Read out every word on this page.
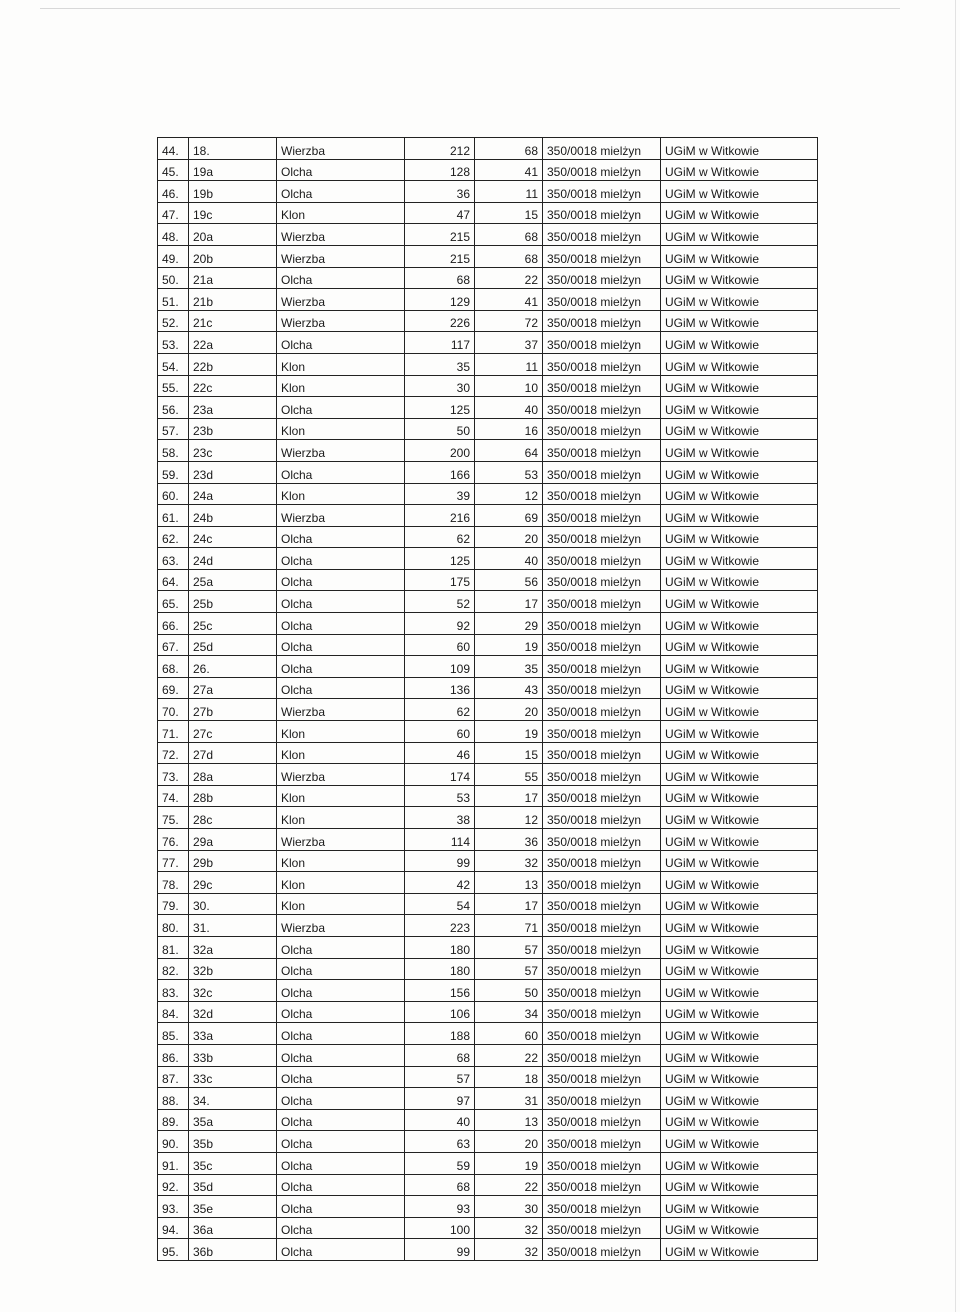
44.	18.	Wierzba	212	68	350/0018 mielżyn	UGiM w Witkowie
45.	19a	Olcha	128	41	350/0018 mielżyn	UGiM w Witkowie
46.	19b	Olcha	36	11	350/0018 mielżyn	UGiM w Witkowie
47.	19c	Klon	47	15	350/0018 mielżyn	UGiM w Witkowie
48.	20a	Wierzba	215	68	350/0018 mielżyn	UGiM w Witkowie
49.	20b	Wierzba	215	68	350/0018 mielżyn	UGiM w Witkowie
50.	21a	Olcha	68	22	350/0018 mielżyn	UGiM w Witkowie
51.	21b	Wierzba	129	41	350/0018 mielżyn	UGiM w Witkowie
52.	21c	Wierzba	226	72	350/0018 mielżyn	UGiM w Witkowie
53.	22a	Olcha	117	37	350/0018 mielżyn	UGiM w Witkowie
54.	22b	Klon	35	11	350/0018 mielżyn	UGiM w Witkowie
55.	22c	Klon	30	10	350/0018 mielżyn	UGiM w Witkowie
56.	23a	Olcha	125	40	350/0018 mielżyn	UGiM w Witkowie
57.	23b	Klon	50	16	350/0018 mielżyn	UGiM w Witkowie
58.	23c	Wierzba	200	64	350/0018 mielżyn	UGiM w Witkowie
59.	23d	Olcha	166	53	350/0018 mielżyn	UGiM w Witkowie
60.	24a	Klon	39	12	350/0018 mielżyn	UGiM w Witkowie
61.	24b	Wierzba	216	69	350/0018 mielżyn	UGiM w Witkowie
62.	24c	Olcha	62	20	350/0018 mielżyn	UGiM w Witkowie
63.	24d	Olcha	125	40	350/0018 mielżyn	UGiM w Witkowie
64.	25a	Olcha	175	56	350/0018 mielżyn	UGiM w Witkowie
65.	25b	Olcha	52	17	350/0018 mielżyn	UGiM w Witkowie
66.	25c	Olcha	92	29	350/0018 mielżyn	UGiM w Witkowie
67.	25d	Olcha	60	19	350/0018 mielżyn	UGiM w Witkowie
68.	26.	Olcha	109	35	350/0018 mielżyn	UGiM w Witkowie
69.	27a	Olcha	136	43	350/0018 mielżyn	UGiM w Witkowie
70.	27b	Wierzba	62	20	350/0018 mielżyn	UGiM w Witkowie
71.	27c	Klon	60	19	350/0018 mielżyn	UGiM w Witkowie
72.	27d	Klon	46	15	350/0018 mielżyn	UGiM w Witkowie
73.	28a	Wierzba	174	55	350/0018 mielżyn	UGiM w Witkowie
74.	28b	Klon	53	17	350/0018 mielżyn	UGiM w Witkowie
75.	28c	Klon	38	12	350/0018 mielżyn	UGiM w Witkowie
76.	29a	Wierzba	114	36	350/0018 mielżyn	UGiM w Witkowie
77.	29b	Klon	99	32	350/0018 mielżyn	UGiM w Witkowie
78.	29c	Klon	42	13	350/0018 mielżyn	UGiM w Witkowie
79.	30.	Klon	54	17	350/0018 mielżyn	UGiM w Witkowie
80.	31.	Wierzba	223	71	350/0018 mielżyn	UGiM w Witkowie
81.	32a	Olcha	180	57	350/0018 mielżyn	UGiM w Witkowie
82.	32b	Olcha	180	57	350/0018 mielżyn	UGiM w Witkowie
83.	32c	Olcha	156	50	350/0018 mielżyn	UGiM w Witkowie
84.	32d	Olcha	106	34	350/0018 mielżyn	UGiM w Witkowie
85.	33a	Olcha	188	60	350/0018 mielżyn	UGiM w Witkowie
86.	33b	Olcha	68	22	350/0018 mielżyn	UGiM w Witkowie
87.	33c	Olcha	57	18	350/0018 mielżyn	UGiM w Witkowie
88.	34.	Olcha	97	31	350/0018 mielżyn	UGiM w Witkowie
89.	35a	Olcha	40	13	350/0018 mielżyn	UGiM w Witkowie
90.	35b	Olcha	63	20	350/0018 mielżyn	UGiM w Witkowie
91.	35c	Olcha	59	19	350/0018 mielżyn	UGiM w Witkowie
92.	35d	Olcha	68	22	350/0018 mielżyn	UGiM w Witkowie
93.	35e	Olcha	93	30	350/0018 mielżyn	UGiM w Witkowie
94.	36a	Olcha	100	32	350/0018 mielżyn	UGiM w Witkowie
95.	36b	Olcha	99	32	350/0018 mielżyn	UGiM w Witkowie
